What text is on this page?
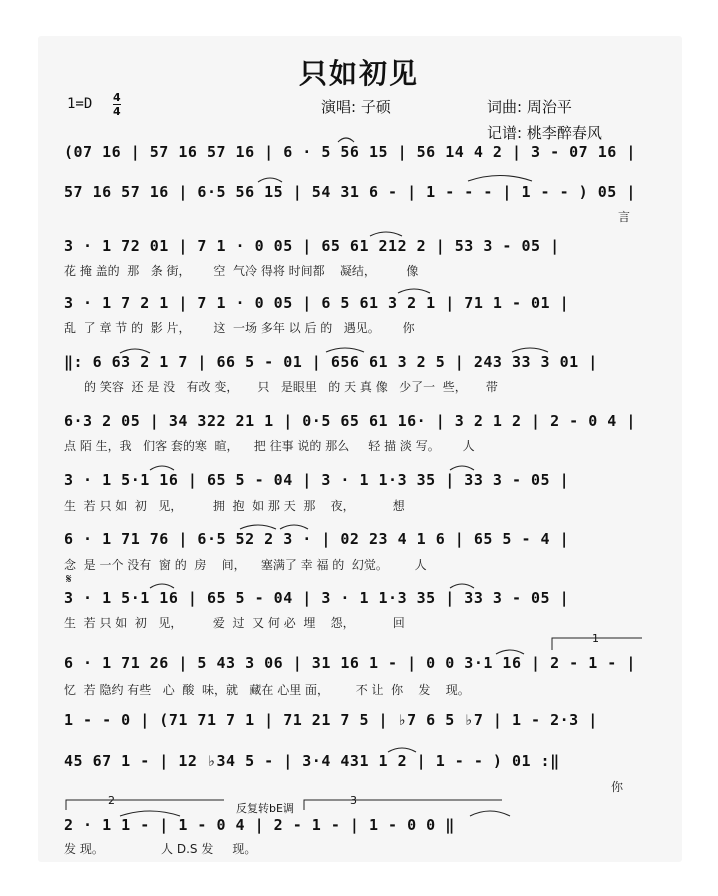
只如初见
1=D 4
4	演唱: 子硕	词曲: 周治平
记谱: 桃李醉春风
(07 16 | 57 16 57 16 | 6 · 5 56 15 | 56 14 4 2 | 3 - 07 16 |
57 16 57 16 | 6·5 56 15 | 54 31 6 - | 1 - - - | 1 - - ) 05 |
言
3 · 1 72 01 | 7 1 · 0 05 | 65 61 212 2 | 53 3 - 05 |
花 掩 盖的  那   条 街，      空  气冷 得将 时间都    凝结，        像
3 · 1 7 2 1 | 7 1 · 0 05 | 6 5 61 3 2 1 | 71 1 - 01 |
乱  了 章 节 的  影 片，      这  一场 多年 以 后 的   遇见。      你
‖: 6 63 2 1 7 | 66 5 - 01 | 656 61 3 2 5 | 243 33 3 01 |
的 笑容  还 是 没   有改 变，     只   是眼里   的 天 真 像   少了一  些，     带
6·3 2 05 | 34 322 21 1 | 0·5 65 61 16· | 3 2 1 2 | 2 - 0 4 |
点 陌 生，我   们客 套的寒  暄，    把 往事 说的 那么     轻 描 淡 写。      人
3 · 1 5·1 16 | 65 5 - 04 | 3 · 1 1·3 35 | 33 3 - 05 |
生  若 只 如  初   见，        拥  抱  如 那 天  那    夜，          想
6 · 1 71 76 | 6·5 52 2 3 · | 02 23 4 1 6 | 65 5 - 4 |
念  是 一个 没有  窗 的  房    间，    塞满了 幸 福 的  幻觉。       人
𝄋
3 · 1 5·1 16 | 65 5 - 04 | 3 · 1 1·3 35 | 33 3 - 05 |
生  若 只 如  初   见，        爱  过  又 何 必  埋    怨，          回
1
6 · 1 71 26 | 5 43 3 06 | 31 16 1 - | 0 0 3·1 16 | 2 - 1 - |
忆  若 隐约 有些   心  酸  味，就   藏在 心里 面，       不 让  你    发    现。
1 - - 0 | (71 71 7 1 | 71 21 7 5 | ♭7 6 5 ♭7 | 1 - 2·3 |
45 67 1 - | 12 ♭34 5 - | 3·4 431 1 2 | 1 - - ) 01 :‖
你
2
反复转bE调
3
2 · 1 1 - | 1 - 0 4 | 2 - 1 - | 1 - 0 0 ‖
发 现。               人 D.S 发     现。
